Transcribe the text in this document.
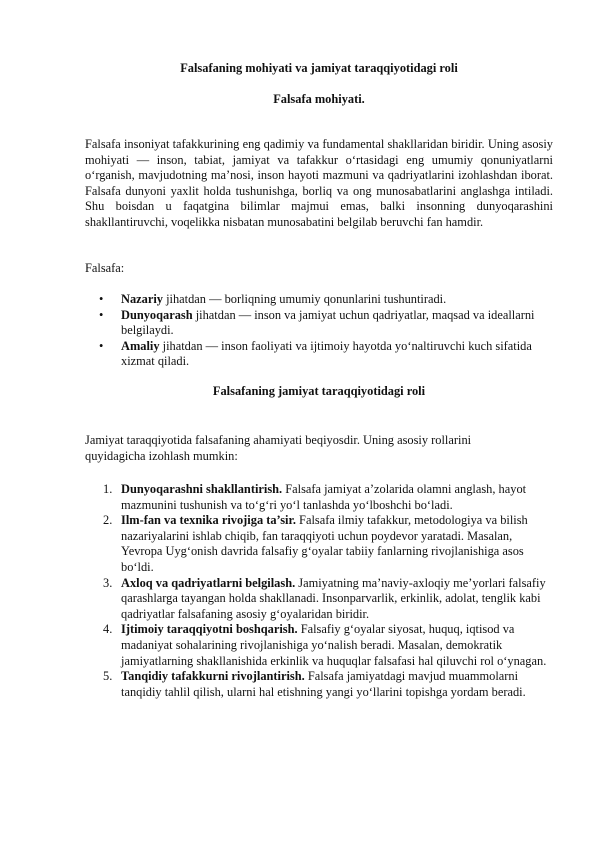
Falsafaning mohiyati va jamiyat taraqqiyotidagi roli
Falsafa mohiyati.

Falsafa insoniyat tafakkurining eng qadimiy va fundamental shakllaridan biridir. Uning asosiy mohiyati — inson, tabiat, jamiyat va tafakkur o‘rtasidagi eng umumiy qonuniyatlarni o‘rganish, mavjudotning ma’nosi, inson hayoti mazmuni va qadriyatlarini izohlashdan iborat. Falsafa dunyoni yaxlit holda tushunishga, borliq va ong munosabatlarini anglashga intiladi. Shu boisdan u faqatgina bilimlar majmui emas, balki insonning dunyoqarashini shakllantiruvchi, voqelikka nisbatan munosabatini belgilab beruvchi fan hamdir.

Falsafa:

• Nazariy jihatdan — borliqning umumiy qonunlarini tushuntiradi.
• Dunyoqarash jihatdan — inson va jamiyat uchun qadriyatlar, maqsad va ideallarni belgilaydi.
• Amaliy jihatdan — inson faoliyati va ijtimoiy hayotda yo‘naltiruvchi kuch sifatida xizmat qiladi.
Falsafaning jamiyat taraqqiyotidagi roli

Jamiyat taraqqiyotida falsafaning ahamiyati beqiyosdir. Uning asosiy rollarini quyidagicha izohlash mumkin:

1. Dunyoqarashni shakllantirish. Falsafa jamiyat a’zolarida olamni anglash, hayot mazmunini tushunish va to‘g‘ri yo‘l tanlashda yo‘lboshchi bo‘ladi.
2. Ilm-fan va texnika rivojiga ta’sir. Falsafa ilmiy tafakkur, metodologiya va bilish nazariyalarini ishlab chiqib, fan taraqqiyoti uchun poydevor yaratadi. Masalan, Yevropa Uyg‘onish davrida falsafiy g‘oyalar tabiiy fanlarning rivojlanishiga asos bo‘ldi.
3. Axloq va qadriyatlarni belgilash. Jamiyatning ma’naviy-axloqiy me’yorlari falsafiy qarashlarga tayangan holda shakllanadi. Insonparvarlik, erkinlik, adolat, tenglik kabi qadriyatlar falsafaning asosiy g‘oyalaridan biridir.
4. Ijtimoiy taraqqiyotni boshqarish. Falsafiy g‘oyalar siyosat, huquq, iqtisod va madaniyat sohalarining rivojlanishiga yo‘nalish beradi. Masalan, demokratik jamiyatlarning shakllanishida erkinlik va huquqlar falsafasi hal qiluvchi rol o‘ynagan.
5. Tanqidiy tafakkurni rivojlantirish. Falsafa jamiyatdagi mavjud muammolarni tanqidiy tahlil qilish, ularni hal etishning yangi yo‘llarini topishga yordam beradi.
